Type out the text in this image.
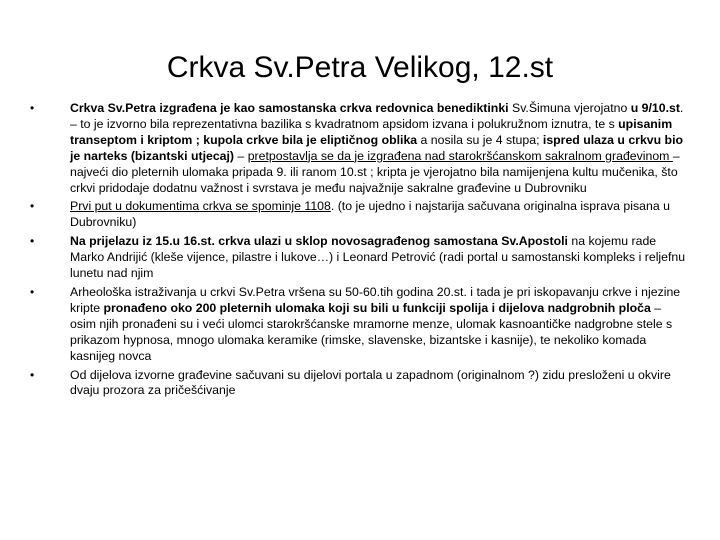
Crkva Sv.Petra Velikog, 12.st
•	Crkva Sv.Petra izgrađena je kao samostanska crkva redovnica benediktinki Sv.Šimuna vjerojatno u 9/10.st. – to je izvorno bila reprezentativna bazilika s kvadratnom apsidom izvana i polukružnom iznutra, te s upisanim transeptom i kriptom ; kupola crkve bila je eliptičnog oblika a nosila su je 4 stupa; ispred ulaza u crkvu bio je narteks (bizantski utjecaj) – pretpostavlja se da je izgrađena nad starokršćanskom sakralnom građevinom – najveći dio pleternih ulomaka pripada 9. ili ranom 10.st ; kripta je vjerojatno bila namijenjena kultu mučenika, što crkvi pridodaje dodatnu važnost i svrstava je među najvažnije sakralne građevine u Dubrovniku
•	Prvi put u dokumentima crkva se spominje 1108. (to je ujedno i najstarija sačuvana originalna isprava pisana u Dubrovniku)
•	Na prijelazu iz 15.u 16.st. crkva ulazi u sklop novosagrađenog samostana Sv.Apostoli na kojemu rade Marko Andrijić (kleše vijence, pilastre i lukove…) i Leonard Petrović (radi portal u samostanski kompleks i reljefnu lunetu nad njim
•	Arheološka istraživanja u crkvi Sv.Petra vršena su 50-60.tih godina 20.st. i tada je pri iskopavanju crkve i njezine kripte pronađeno oko 200 pleternih ulomaka koji su bili u funkciji spolija i dijelova nadgrobnih ploča – osim njih pronađeni su i veći ulomci starokršćanske mramorne menze, ulomak kasnoantičke nadgrobne stele s prikazom hypnosa, mnogo ulomaka keramike (rimske, slavenske, bizantske i kasnije), te nekoliko komada kasnijeg novca
•	Od dijelova izvorne građevine sačuvani su dijelovi portala u zapadnom (originalnom ?) zidu presloženi u okvire dvaju prozora za pričešćivanje
